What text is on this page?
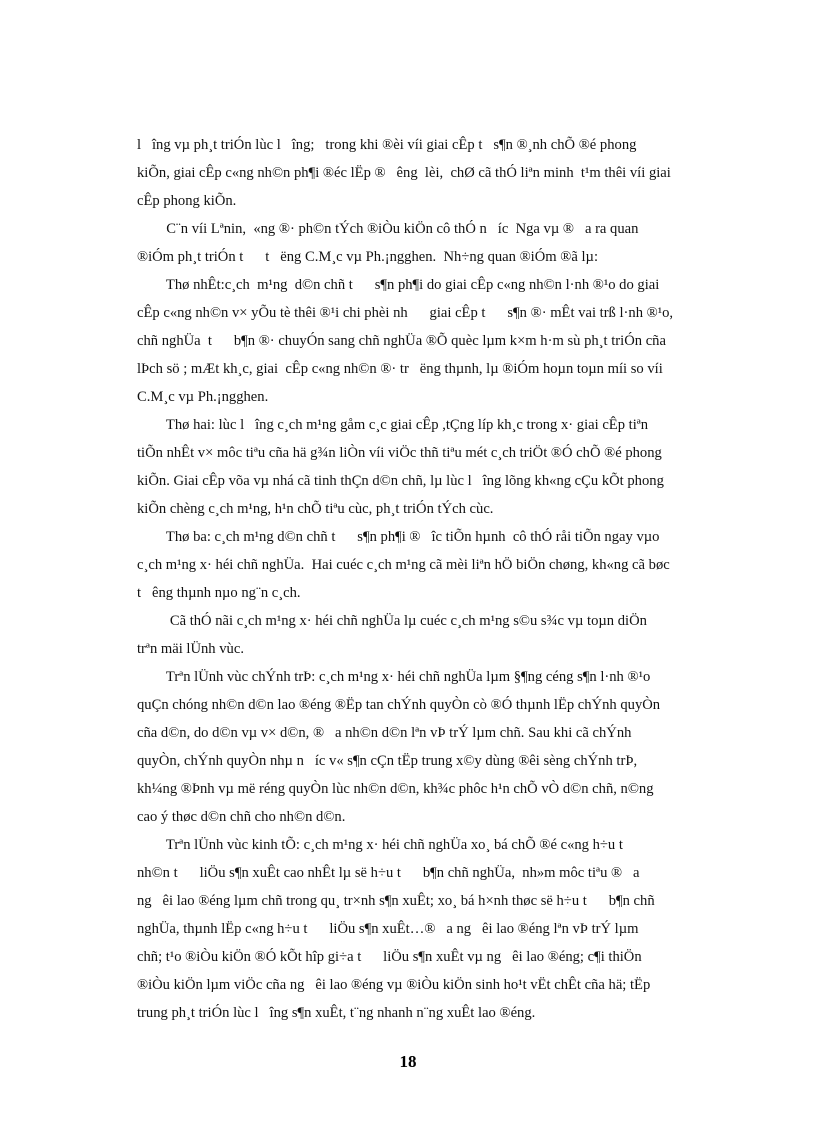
l   îng vµ ph¸t triÓn lùc l   îng;   trong khi ®èi víi giai cÊp t   s¶n ®¸nh chÕ ®é phong
kiÕn, giai cÊp c«ng nh©n ph¶i ®éc lËp ®   êng  lèi,  chØ cã thÓ liªn minh  t¹m thêi víi giai
cÊp phong kiÕn.
C¨n víi Lªnin,  «ng ®· ph©n tÝch ®iÒu kiÖn cô thÓ n   íc  Nga vµ ®   a ra quan
®iÓm ph¸t triÓn t      t   ëng C.M¸c vµ Ph.¡ngghen.  Nh÷ng quan ®iÓm ®ã lµ:
Thø nhÊt:c¸ch  m¹ng  d©n chñ t      s¶n ph¶i do giai cÊp c«ng nh©n l·nh ®¹o do giai
cÊp c«ng nh©n v× yÕu tè thêi ®¹i chi phèi nh      giai cÊp t      s¶n ®· mÊt vai trß l·nh ®¹o,
chñ nghÜa  t      b¶n ®· chuyÓn sang chñ nghÜa ®Õ quèc lµm k×m h·m sù ph¸t triÓn cña
lÞch sö ; mÆt kh¸c, giai  cÊp c«ng nh©n ®· tr   ëng thµnh, lµ ®iÓm hoµn toµn míi so víi
C.M¸c vµ Ph.¡ngghen.
Thø hai: lùc l   îng c¸ch m¹ng gåm c¸c giai cÊp ,tÇng líp kh¸c trong x· giai cÊp tiªn
tiÕn nhÊt v× môc tiªu cña hä g¾n liÒn víi viÖc thñ tiªu mét c¸ch triÖt ®Ó chÕ ®é phong
kiÕn. Giai cÊp võa vµ nhá cã tinh thÇn d©n chñ, lµ lùc l   îng lõng kh«ng cÇu kÕt phong
kiÕn chèng c¸ch m¹ng, h¹n chÕ tiªu cùc, ph¸t triÓn tÝch cùc.
Thø ba: c¸ch m¹ng d©n chñ t      s¶n ph¶i ®   îc tiÕn hµnh  cô thÓ råi tiÕn ngay vµo
c¸ch m¹ng x· héi chñ nghÜa.  Hai cuéc c¸ch m¹ng cã mèi liªn hÖ biÖn chøng, kh«ng cã bøc
t   êng thµnh nµo ng¨n c¸ch.
Cã thÓ nãi c¸ch m¹ng x· héi chñ nghÜa lµ cuéc c¸ch m¹ng s©u s¾c vµ toµn diÖn
trªn mäi lÜnh vùc.
Trªn lÜnh vùc chÝnh trÞ: c¸ch m¹ng x· héi chñ nghÜa lµm §¶ng céng s¶n l·nh ®¹o
quÇn chóng nh©n d©n lao ®éng ®Ëp tan chÝnh quyÒn cò ®Ó thµnh lËp chÝnh quyÒn
cña d©n, do d©n vµ v× d©n, ®   a nh©n d©n lªn vÞ trÝ lµm chñ. Sau khi cã chÝnh
quyÒn, chÝnh quyÒn nhµ n   íc v« s¶n cÇn tËp trung x©y dùng ®êi sèng chÝnh trÞ,
kh¼ng ®Þnh vµ më réng quyÒn lùc nh©n d©n, kh¾c phôc h¹n chÕ vÒ d©n chñ, n©ng
cao ý thøc d©n chñ cho nh©n d©n.
Trªn lÜnh vùc kinh tÕ: c¸ch m¹ng x· héi chñ nghÜa xo¸ bá chÕ ®é c«ng h÷u t
nh©n t      liÖu s¶n xuÊt cao nhÊt lµ së h÷u t      b¶n chñ nghÜa,  nh»m môc tiªu ®   a
ng   êi lao ®éng lµm chñ trong qu¸ tr×nh s¶n xuÊt; xo¸ bá h×nh thøc së h÷u t      b¶n chñ
nghÜa, thµnh lËp c«ng h÷u t      liÖu s¶n xuÊt…®   a ng   êi lao ®éng lªn vÞ trÝ lµm
chñ; t¹o ®iÒu kiÖn ®Ó kÕt hîp gi÷a t      liÖu s¶n xuÊt vµ ng   êi lao ®éng; c¶i thiÖn
®iÒu kiÖn lµm viÖc cña ng   êi lao ®éng vµ ®iÒu kiÖn sinh ho¹t vËt chÊt cña hä; tËp
trung ph¸t triÓn lùc l   îng s¶n xuÊt, t¨ng nhanh n¨ng xuÊt lao ®éng.
18
